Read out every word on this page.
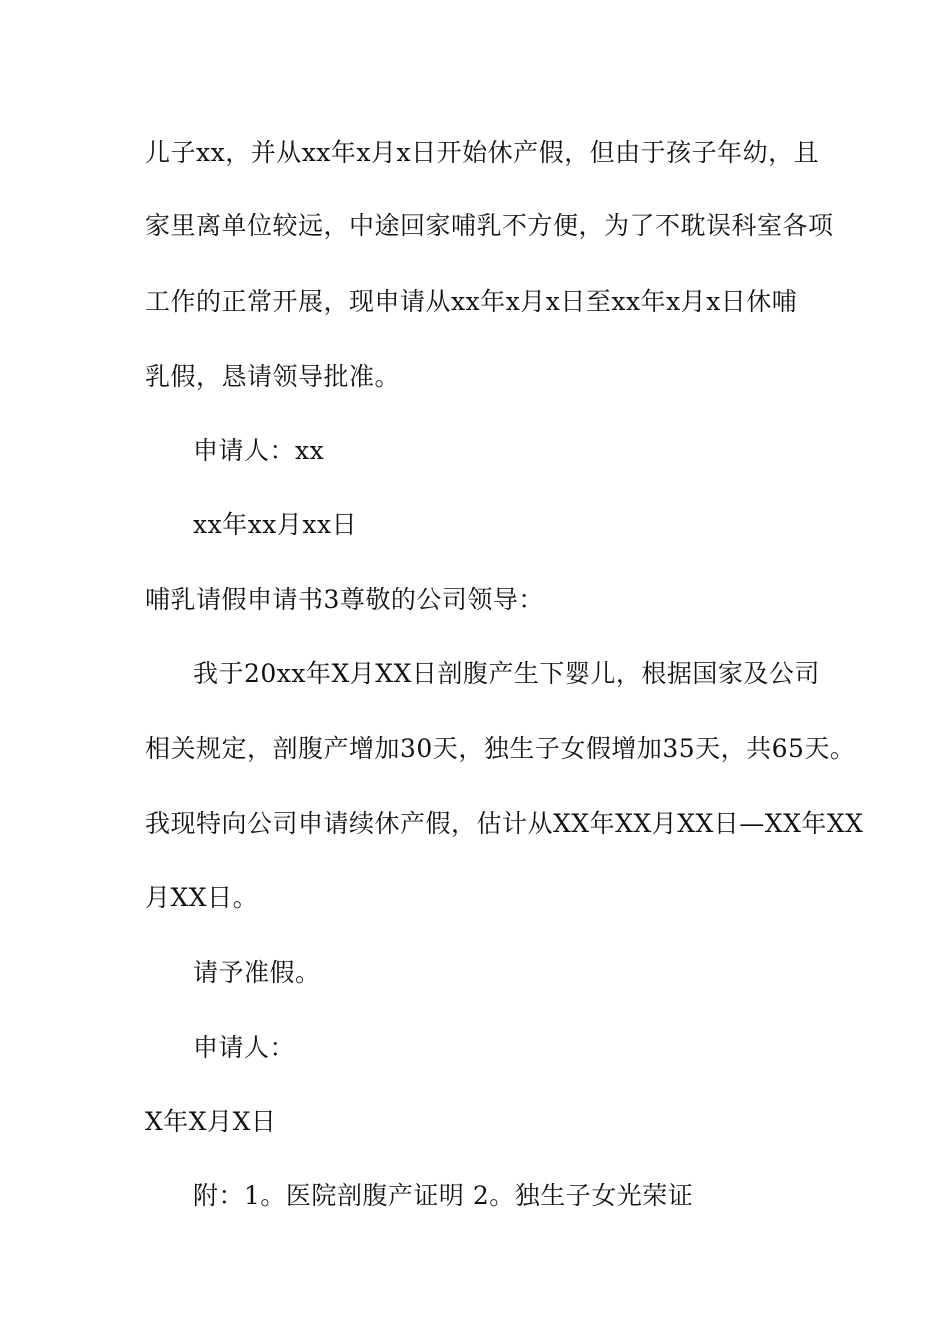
儿子xx，并从xx年x月x日开始休产假，但由于孩子年幼，且
家里离单位较远，中途回家哺乳不方便，为了不耽误科室各项
工作的正常开展，现申请从xx年x月x日至xx年x月x日休哺
乳假，恳请领导批准。
申请人：xx
xx年xx月xx日
哺乳请假申请书3尊敬的公司领导：
我于20xx年X月XX日剖腹产生下婴儿，根据国家及公司
相关规定，剖腹产增加30天，独生子女假增加35天，共65天。
我现特向公司申请续休产假，估计从XX年XX月XX日—XX年XX
月XX日。
请予准假。
申请人：
X年X月X日
附：1。医院剖腹产证明 2。独生子女光荣证
